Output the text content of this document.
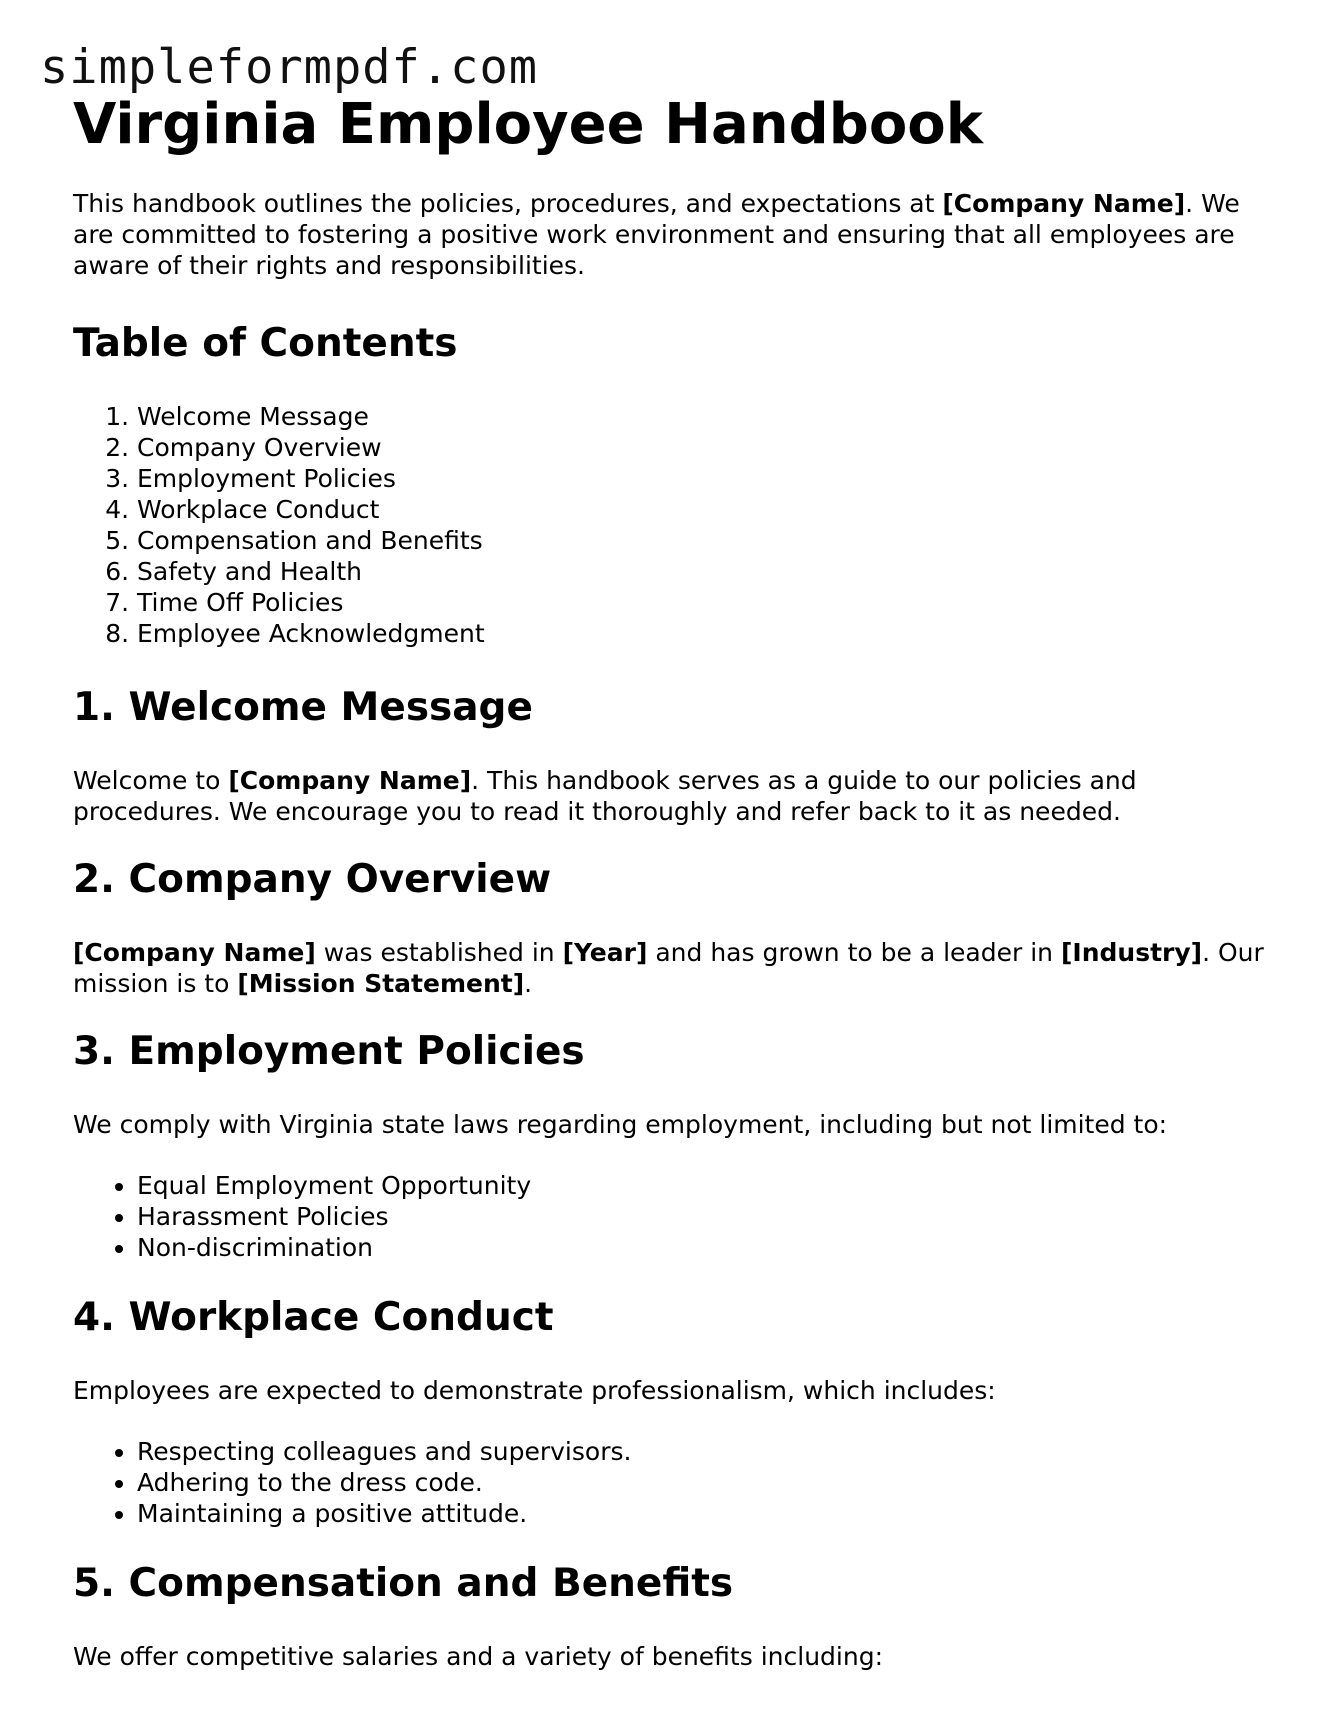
simpleformpdf.com
Virginia Employee Handbook

This handbook outlines the policies, procedures, and expectations at [Company Name]. We are committed to fostering a positive work environment and ensuring that all employees are aware of their rights and responsibilities.

Table of Contents
1. Welcome Message
2. Company Overview
3. Employment Policies
4. Workplace Conduct
5. Compensation and Benefits
6. Safety and Health
7. Time Off Policies
8. Employee Acknowledgment
1. Welcome Message

Welcome to [Company Name]. This handbook serves as a guide to our policies and procedures. We encourage you to read it thoroughly and refer back to it as needed.

2. Company Overview

[Company Name] was established in [Year] and has grown to be a leader in [Industry]. Our mission is to [Mission Statement].

3. Employment Policies

We comply with Virginia state laws regarding employment, including but not limited to:

• Equal Employment Opportunity
• Harassment Policies
• Non-discrimination
4. Workplace Conduct

Employees are expected to demonstrate professionalism, which includes:

• Respecting colleagues and supervisors.
• Adhering to the dress code.
• Maintaining a positive attitude.
5. Compensation and Benefits

We offer competitive salaries and a variety of benefits including:
